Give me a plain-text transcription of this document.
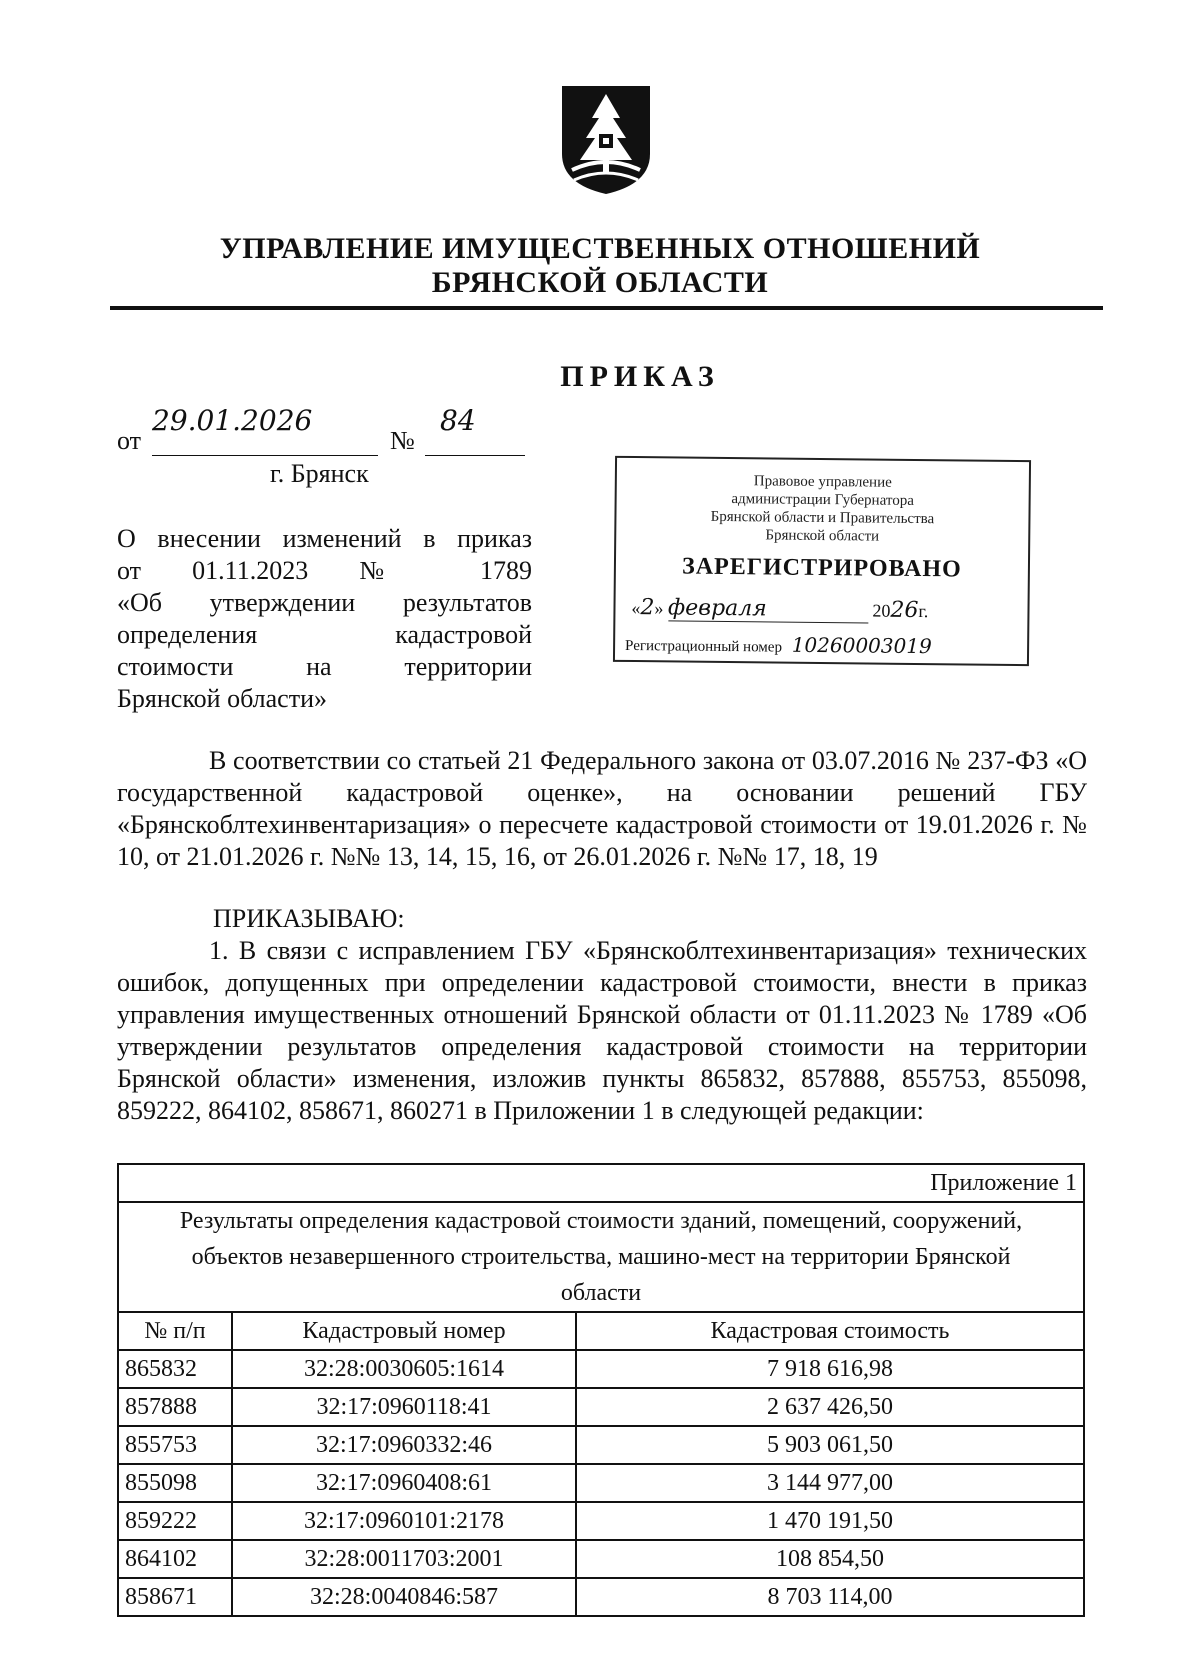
УПРАВЛЕНИЕ ИМУЩЕСТВЕННЫХ ОТНОШЕНИЙ
БРЯНСКОЙ ОБЛАСТИ
ПРИКАЗ
от
29.01.2026
№
84
г. Брянск
О внесении изменений в приказ
от 01.11.2023 № 1789
«Об утверждении результатов
определения кадастровой
стоимости на территории
Брянской области»
Правовое управление
администрации Губернатора
Брянской области и Правительства
Брянской области
ЗАРЕГИСТРИРОВАНО
«2» февраля	2026г.
Регистрационный номер 10260003019
В соответствии со статьей 21 Федерального закона от 03.07.2016 № 237-ФЗ «О государственной кадастровой оценке», на основании решений ГБУ «Брянскоблтехинвентаризация» о пересчете кадастровой стоимости от 19.01.2026 г. № 10, от 21.01.2026 г. №№ 13, 14, 15, 16, от 26.01.2026 г. №№ 17, 18, 19
ПРИКАЗЫВАЮ:
1. В связи с исправлением ГБУ «Брянскоблтехинвентаризация» технических ошибок, допущенных при определении кадастровой стоимости, внести в приказ управления имущественных отношений Брянской области от 01.11.2023 № 1789 «Об утверждении результатов определения кадастровой стоимости на территории Брянской области» изменения, изложив пункты 865832, 857888, 855753, 855098, 859222, 864102, 858671, 860271 в Приложении 1 в следующей редакции:
Приложение 1		
Результаты определения кадастровой стоимости зданий, помещений, сооружений, объектов незавершенного строительства, машино-мест на территории Брянской области		
№ п/п	Кадастровый номер	Кадастровая стоимость
865832	32:28:0030605:1614	7 918 616,98
857888	32:17:0960118:41	2 637 426,50
855753	32:17:0960332:46	5 903 061,50
855098	32:17:0960408:61	3 144 977,00
859222	32:17:0960101:2178	1 470 191,50
864102	32:28:0011703:2001	108 854,50
858671	32:28:0040846:587	8 703 114,00
